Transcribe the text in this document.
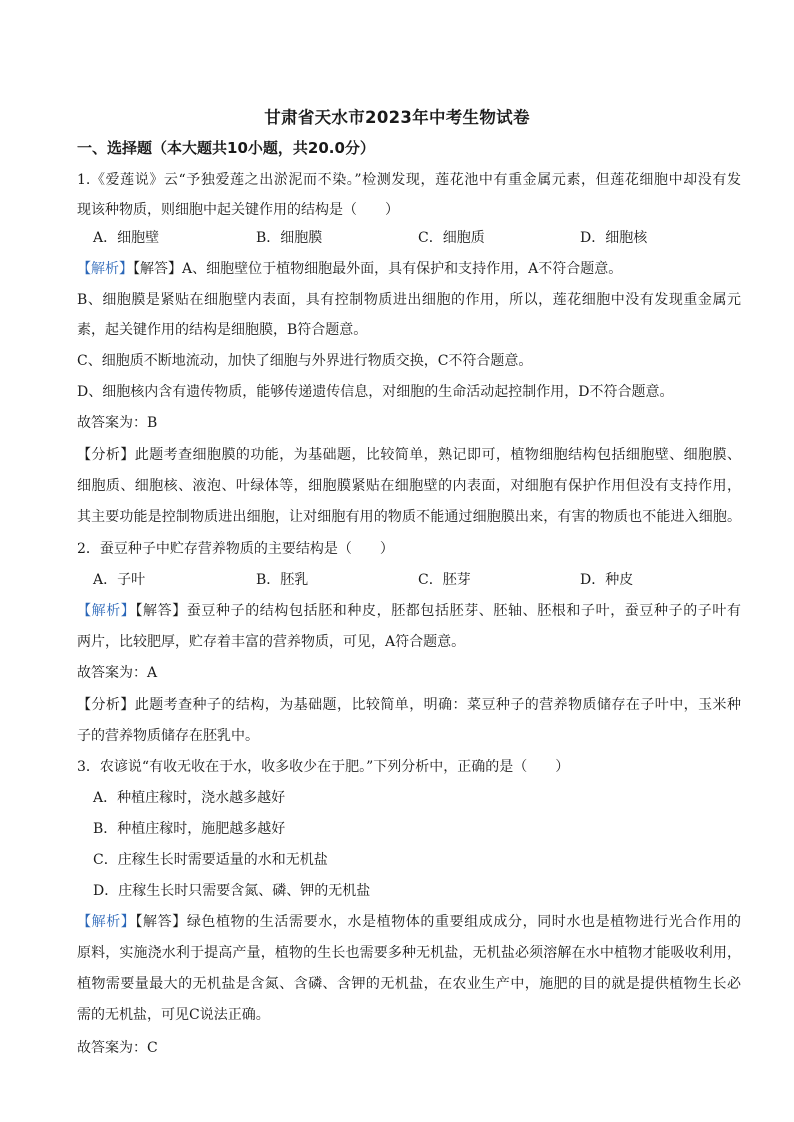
甘肃省天水市2023年中考生物试卷
一、选择题（本大题共10小题，共20.0分）
1.《爱莲说》云“予独爱莲之出淤泥而不染。”检测发现，莲花池中有重金属元素，但莲花细胞中却没有发
现该种物质，则细胞中起关键作用的结构是（　　）
A．细胞壁	B．细胞膜	C．细胞质	D．细胞核
【解析】【解答】A、细胞壁位于植物细胞最外面，具有保护和支持作用，A不符合题意。
B、细胞膜是紧贴在细胞壁内表面，具有控制物质进出细胞的作用，所以，莲花细胞中没有发现重金属元
素，起关键作用的结构是细胞膜，B符合题意。
C、细胞质不断地流动，加快了细胞与外界进行物质交换，C不符合题意。
D、细胞核内含有遗传物质，能够传递遗传信息，对细胞的生命活动起控制作用，D不符合题意。
故答案为：B
【分析】此题考查细胞膜的功能，为基础题，比较简单，熟记即可，植物细胞结构包括细胞壁、细胞膜、
细胞质、细胞核、液泡、叶绿体等，细胞膜紧贴在细胞壁的内表面，对细胞有保护作用但没有支持作用，
其主要功能是控制物质进出细胞，让对细胞有用的物质不能通过细胞膜出来，有害的物质也不能进入细胞。
2．蚕豆种子中贮存营养物质的主要结构是（　　）
A．子叶	B．胚乳	C．胚芽	D．种皮
【解析】【解答】蚕豆种子的结构包括胚和种皮，胚都包括胚芽、胚轴、胚根和子叶，蚕豆种子的子叶有
两片，比较肥厚，贮存着丰富的营养物质，可见，A符合题意。
故答案为：A
【分析】此题考查种子的结构，为基础题，比较简单，明确：菜豆种子的营养物质储存在子叶中，玉米种
子的营养物质储存在胚乳中。
3．农谚说“有收无收在于水，收多收少在于肥。”下列分析中，正确的是（　　）
A．种植庄稼时，浇水越多越好
B．种植庄稼时，施肥越多越好
C．庄稼生长时需要适量的水和无机盐
D．庄稼生长时只需要含氮、磷、钾的无机盐
【解析】【解答】绿色植物的生活需要水，水是植物体的重要组成成分，同时水也是植物进行光合作用的
原料，实施浇水利于提高产量，植物的生长也需要多种无机盐，无机盐必须溶解在水中植物才能吸收利用，
植物需要量最大的无机盐是含氮、含磷、含钾的无机盐，在农业生产中，施肥的目的就是提供植物生长必
需的无机盐，可见C说法正确。
故答案为：C
